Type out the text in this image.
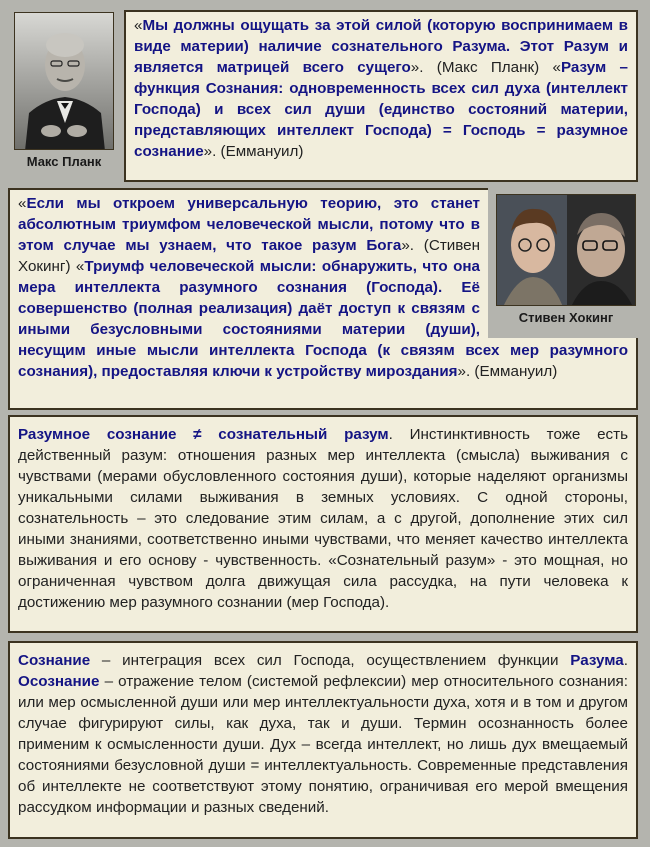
Макс Планк

«Мы должны ощущать за этой силой (которую воспринимаем в виде материи) наличие сознательного Разума. Этот Разум и является матрицей всего сущего». (Макс Планк) «Разум – функция Сознания: одновременность всех сил духа (интеллект Господа) и всех сил души (единство состояний материи, представляющих интеллект Господа) = Господь = разумное сознание». (Еммануил)

«Если мы откроем универсальную теорию, это станет абсолютным триумфом человеческой мысли, потому что в этом случае мы узнаем, что такое разум Бога». (Стивен Хокинг) «Триумф человеческой мысли: обнаружить, что она мера интеллекта разумного сознания (Господа). Её совершенство (полная реализация) даёт доступ к связям с иными безусловными состояниями материи (души), несущим иные мысли интеллекта Господа (к связям всех мер разумного сознания), предоставляя ключи к устройству мироздания». (Еммануил)

Стивен Хокинг

Разумное сознание ≠ сознательный разум. Инстинктивность тоже есть действенный разум: отношения разных мер интеллекта (смысла) выживания с чувствами (мерами обусловленного состояния души), которые наделяют организмы уникальными силами выживания в земных условиях. С одной стороны, сознательность – это следование этим силам, а с другой, дополнение этих сил иными знаниями, соответственно иными чувствами, что меняет качество интеллекта выживания и его основу - чувственность. «Сознательный разум» - это мощная, но ограниченная чувством долга движущая сила рассудка, на пути человека к достижению мер разумного сознании (мер Господа).

Сознание – интеграция всех сил Господа, осуществлением функции Разума. Осознание – отражение телом (системой рефлексии) мер относительного сознания: или мер осмысленной души или мер интеллектуальности духа, хотя и в том и другом случае фигурируют силы, как духа, так и души. Термин осознанность более применим к осмысленности души. Дух – всегда интеллект, но лишь дух вмещаемый состояниями безусловной души = интеллектуальность. Современные представления об интеллекте не соответствуют этому понятию, ограничивая его мерой вмещения рассудком информации и разных сведений.
